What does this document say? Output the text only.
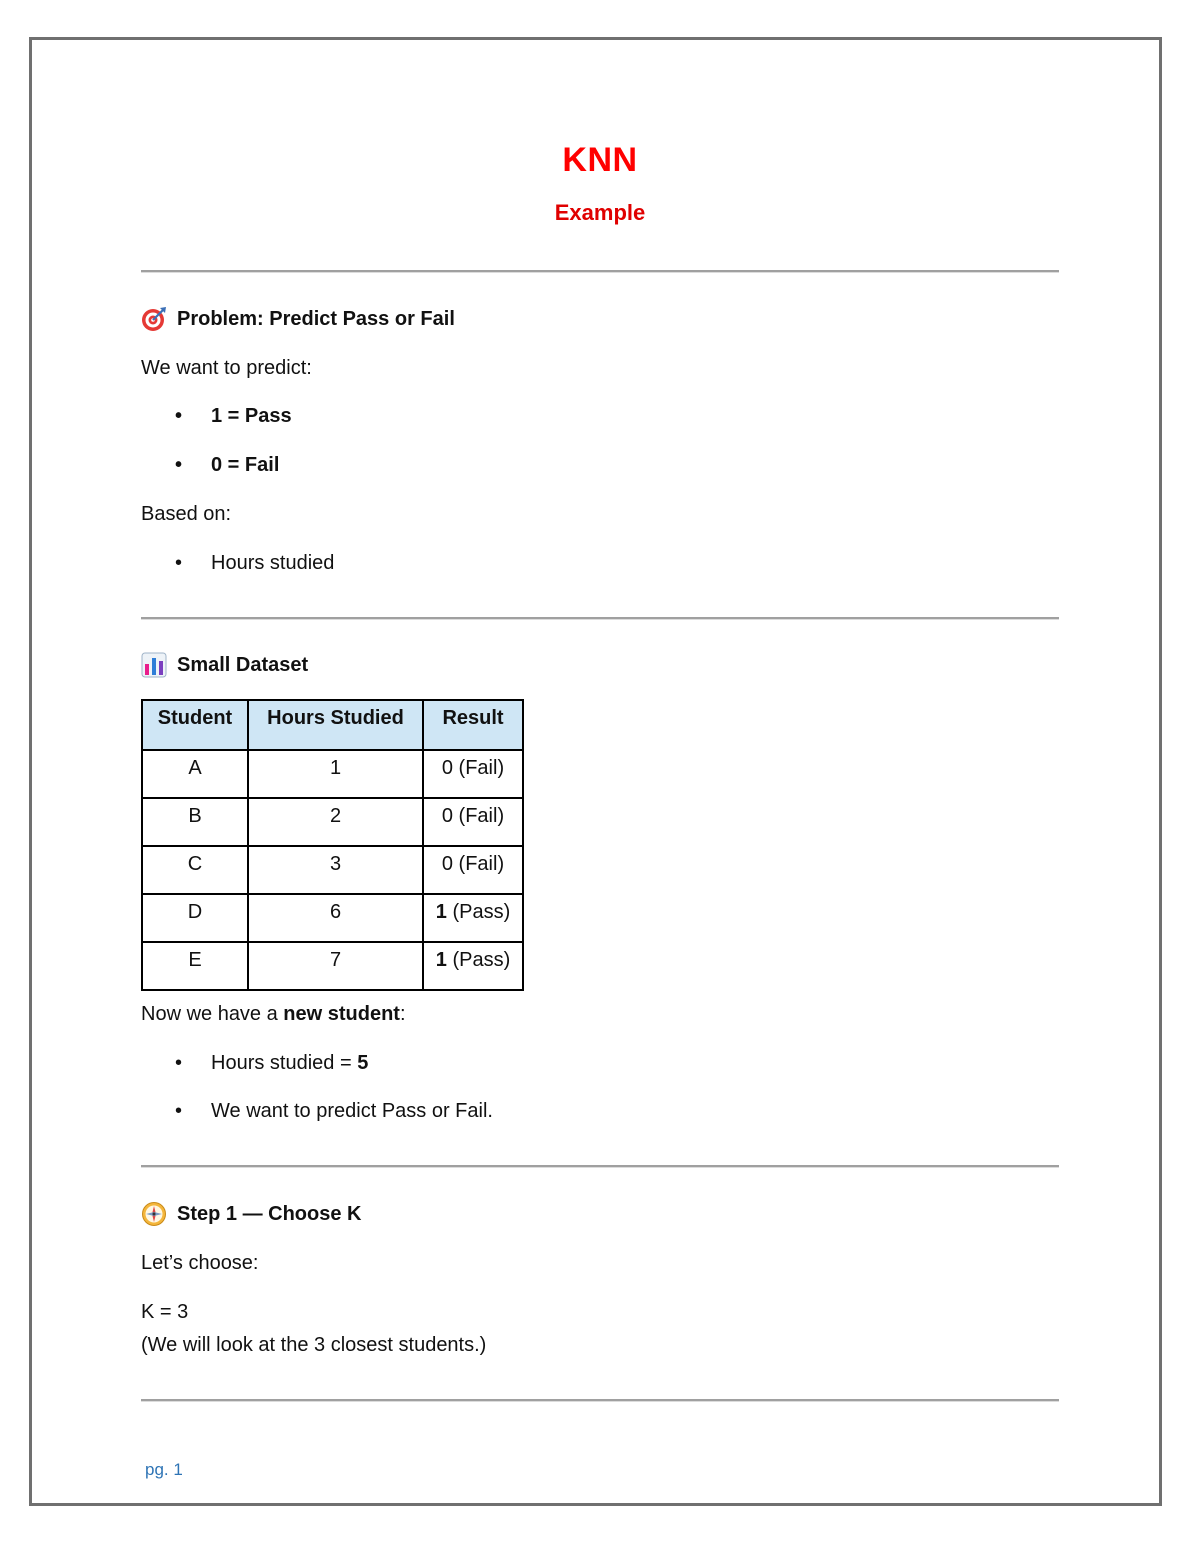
KNN
Example
Problem: Predict Pass or Fail
We want to predict:
• 1 = Pass
• 0 = Fail
Based on:
• Hours studied
Small Dataset
Student	Hours Studied	Result
A	1	0 (Fail)
B	2	0 (Fail)
C	3	0 (Fail)
D	6	1 (Pass)
E	7	1 (Pass)
Now we have a new student:
• Hours studied = 5
• We want to predict Pass or Fail.
Step 1 — Choose K
Let’s choose:
K = 3
(We will look at the 3 closest students.)
pg. 1
